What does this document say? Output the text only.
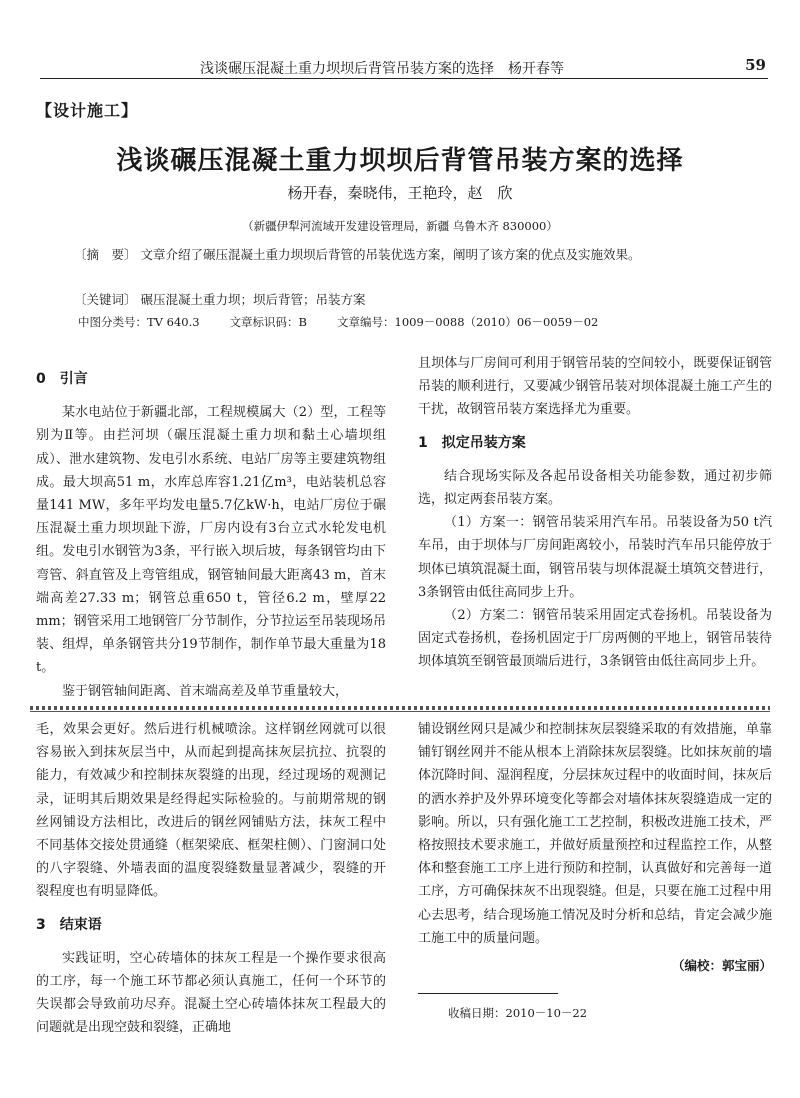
浅谈碾压混凝土重力坝坝后背管吊装方案的选择　杨开春等	59
【设计施工】
浅谈碾压混凝土重力坝坝后背管吊装方案的选择
杨开春，秦晓伟，王艳玲，赵　欣
（新疆伊犁河流域开发建设管理局，新疆 乌鲁木齐 830000）
〔摘　要〕 文章介绍了碾压混凝土重力坝坝后背管的吊装优选方案，阐明了该方案的优点及实施效果。
〔关键词〕 碾压混凝土重力坝；坝后背管；吊装方案
中图分类号：TV 640.3	文章标识码：B	文章编号：1009－0088（2010）06－0059－02
0　引言

某水电站位于新疆北部，工程规模属大（2）型，工程等别为Ⅱ等。由拦河坝（碾压混凝土重力坝和黏土心墙坝组成）、泄水建筑物、发电引水系统、电站厂房等主要建筑物组成。最大坝高51 m，水库总库容1.21亿m³，电站装机总容量141 MW，多年平均发电量5.7亿kW·h，电站厂房位于碾压混凝土重力坝坝趾下游，厂房内设有3台立式水轮发电机组。发电引水钢管为3条，平行嵌入坝后坡，每条钢管均由下弯管、斜直管及上弯管组成，钢管轴间最大距离43 m，首末端高差27.33 m；钢管总重650 t，管径6.2 m，壁厚22 mm；钢管采用工地钢管厂分节制作，分节拉运至吊装现场吊装、组焊，单条钢管共分19节制作，制作单节最大重量为18 t。

鉴于钢管轴间距离、首末端高差及单节重量较大，

且坝体与厂房间可利用于钢管吊装的空间较小，既要保证钢管吊装的顺利进行，又要减少钢管吊装对坝体混凝土施工产生的干扰，故钢管吊装方案选择尤为重要。

1　拟定吊装方案

结合现场实际及各起吊设备相关功能参数，通过初步筛选，拟定两套吊装方案。

（1）方案一：钢管吊装采用汽车吊。吊装设备为50 t汽车吊，由于坝体与厂房间距离较小，吊装时汽车吊只能停放于坝体已填筑混凝土面，钢管吊装与坝体混凝土填筑交替进行，3条钢管由低往高同步上升。

（2）方案二：钢管吊装采用固定式卷扬机。吊装设备为固定式卷扬机，卷扬机固定于厂房两侧的平地上，钢管吊装待坝体填筑至钢管最顶端后进行，3条钢管由低往高同步上升。

毛，效果会更好。然后进行机械喷涂。这样钢丝网就可以很容易嵌入到抹灰层当中，从而起到提高抹灰层抗拉、抗裂的能力，有效减少和控制抹灰裂缝的出现，经过现场的观测记录，证明其后期效果是经得起实际检验的。与前期常规的钢丝网铺设方法相比，改进后的钢丝网铺贴方法，抹灰工程中不同基体交接处贯通缝（框架梁底、框架柱侧）、门窗洞口处的八字裂缝、外墙表面的温度裂缝数量显著减少，裂缝的开裂程度也有明显降低。

3　结束语

实践证明，空心砖墙体的抹灰工程是一个操作要求很高的工序，每一个施工环节都必须认真施工，任何一个环节的失误都会导致前功尽弃。混凝土空心砖墙体抹灰工程最大的问题就是出现空鼓和裂缝，正确地

铺设钢丝网只是减少和控制抹灰层裂缝采取的有效措施，单靠铺钉钢丝网并不能从根本上消除抹灰层裂缝。比如抹灰前的墙体沉降时间、湿润程度，分层抹灰过程中的收面时间，抹灰后的洒水养护及外界环境变化等都会对墙体抹灰裂缝造成一定的影响。所以，只有强化施工工艺控制，积极改进施工技术，严格按照技术要求施工，并做好质量预控和过程监控工作，从整体和整套施工工序上进行预防和控制，认真做好和完善每一道工序，方可确保抹灰不出现裂缝。但是，只要在施工过程中用心去思考，结合现场施工情况及时分析和总结，肯定会减少施工施工中的质量问题。

（编校：郭宝丽）
收稿日期：2010－10－22
